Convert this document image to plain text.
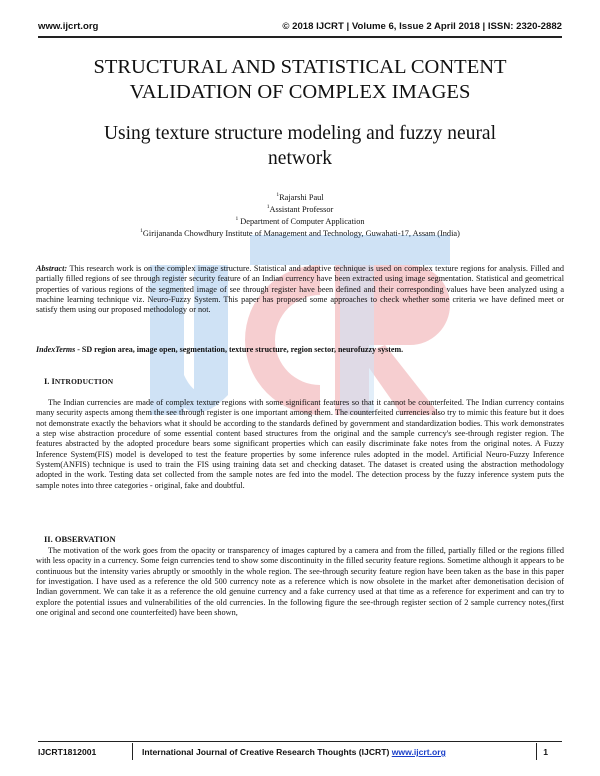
www.ijcrt.org	© 2018 IJCRT | Volume 6, Issue 2 April 2018 | ISSN: 2320-2882
STRUCTURAL AND STATISTICAL CONTENT
VALIDATION OF COMPLEX IMAGES
Using texture structure modeling and fuzzy neural
network
$^1$Rajarshi Paul
$^1$Assistant Professor
$^1$ Department of Computer Application
$^1$Girijananda Chowdhury Institute of Management and Technology, Guwahati-17, Assam (India)

Abstract: This research work is on the complex image structure. Statistical and adaptive technique is used on complex texture regions for analysis. Filled and partially filled regions of see through register security feature of an Indian currency have been extracted using image segmentation. Statistical and geometrical properties of various regions of the segmented image of see through register have been defined and their corresponding values have been analyzed using a machine learning technique viz. Neuro-Fuzzy System. This paper has proposed some approaches to check whether some criteria we have defined meet or satisfy them using our proposed methodology or not.

IndexTerms - SD region area, image open, segmentation, texture structure, region sector, neurofuzzy system.
I. INTRODUCTION

The Indian currencies are made of complex texture regions with some significant features so that it cannot be counterfeited. The Indian currency contains many security aspects among them the see through register is one important among them. The counterfeited currencies also try to mimic this feature but it does not demonstrate exactly the behaviors what it should be according to the standards defined by government and standardization bodies. This work demonstrates a step wise abstraction procedure of some essential content based structures from the original and the sample currency's see-through register region. The features abstracted by the adopted procedure bears some significant properties which can easily discriminate fake notes from the original notes. A Fuzzy Inference System(FIS) model is developed to test the feature properties by some inference rules adopted in the model. Artificial Neuro-Fuzzy Inference System(ANFIS) technique is used to train the FIS using training data set and checking dataset. The dataset is created using the abstraction methodology adopted in the work. Testing data set collected from the sample notes are fed into the model. The detection process by the fuzzy inference system puts the sample notes into three categories - original, fake and doubtful.

II. OBSERVATION

The motivation of the work goes from the opacity or transparency of images captured by a camera and from the filled, partially filled or the regions filled with less opacity in a currency. Some feign currencies tend to show some discontinuity in the filled security feature regions. Sometime although it appears to be continuous but the intensity varies abruptly or smoothly in the whole region. The see-through security feature region have been taken as the base in this paper for investigation. I have used as a reference the old 500 currency note as a reference which is now obsolete in the market after demonetisation decision of Indian government. We can take it as a reference the old genuine currency and a fake currency used at that time as a reference for experiment and can try to explore the potential issues and vulnerabilities of the old currencies. In the following figure the see-through register section of 2 sample currency notes,(first one original and second one counterfeited) have been shown,

IJCRT1812001	International Journal of Creative Research Thoughts (IJCRT) www.ijcrt.org	1
